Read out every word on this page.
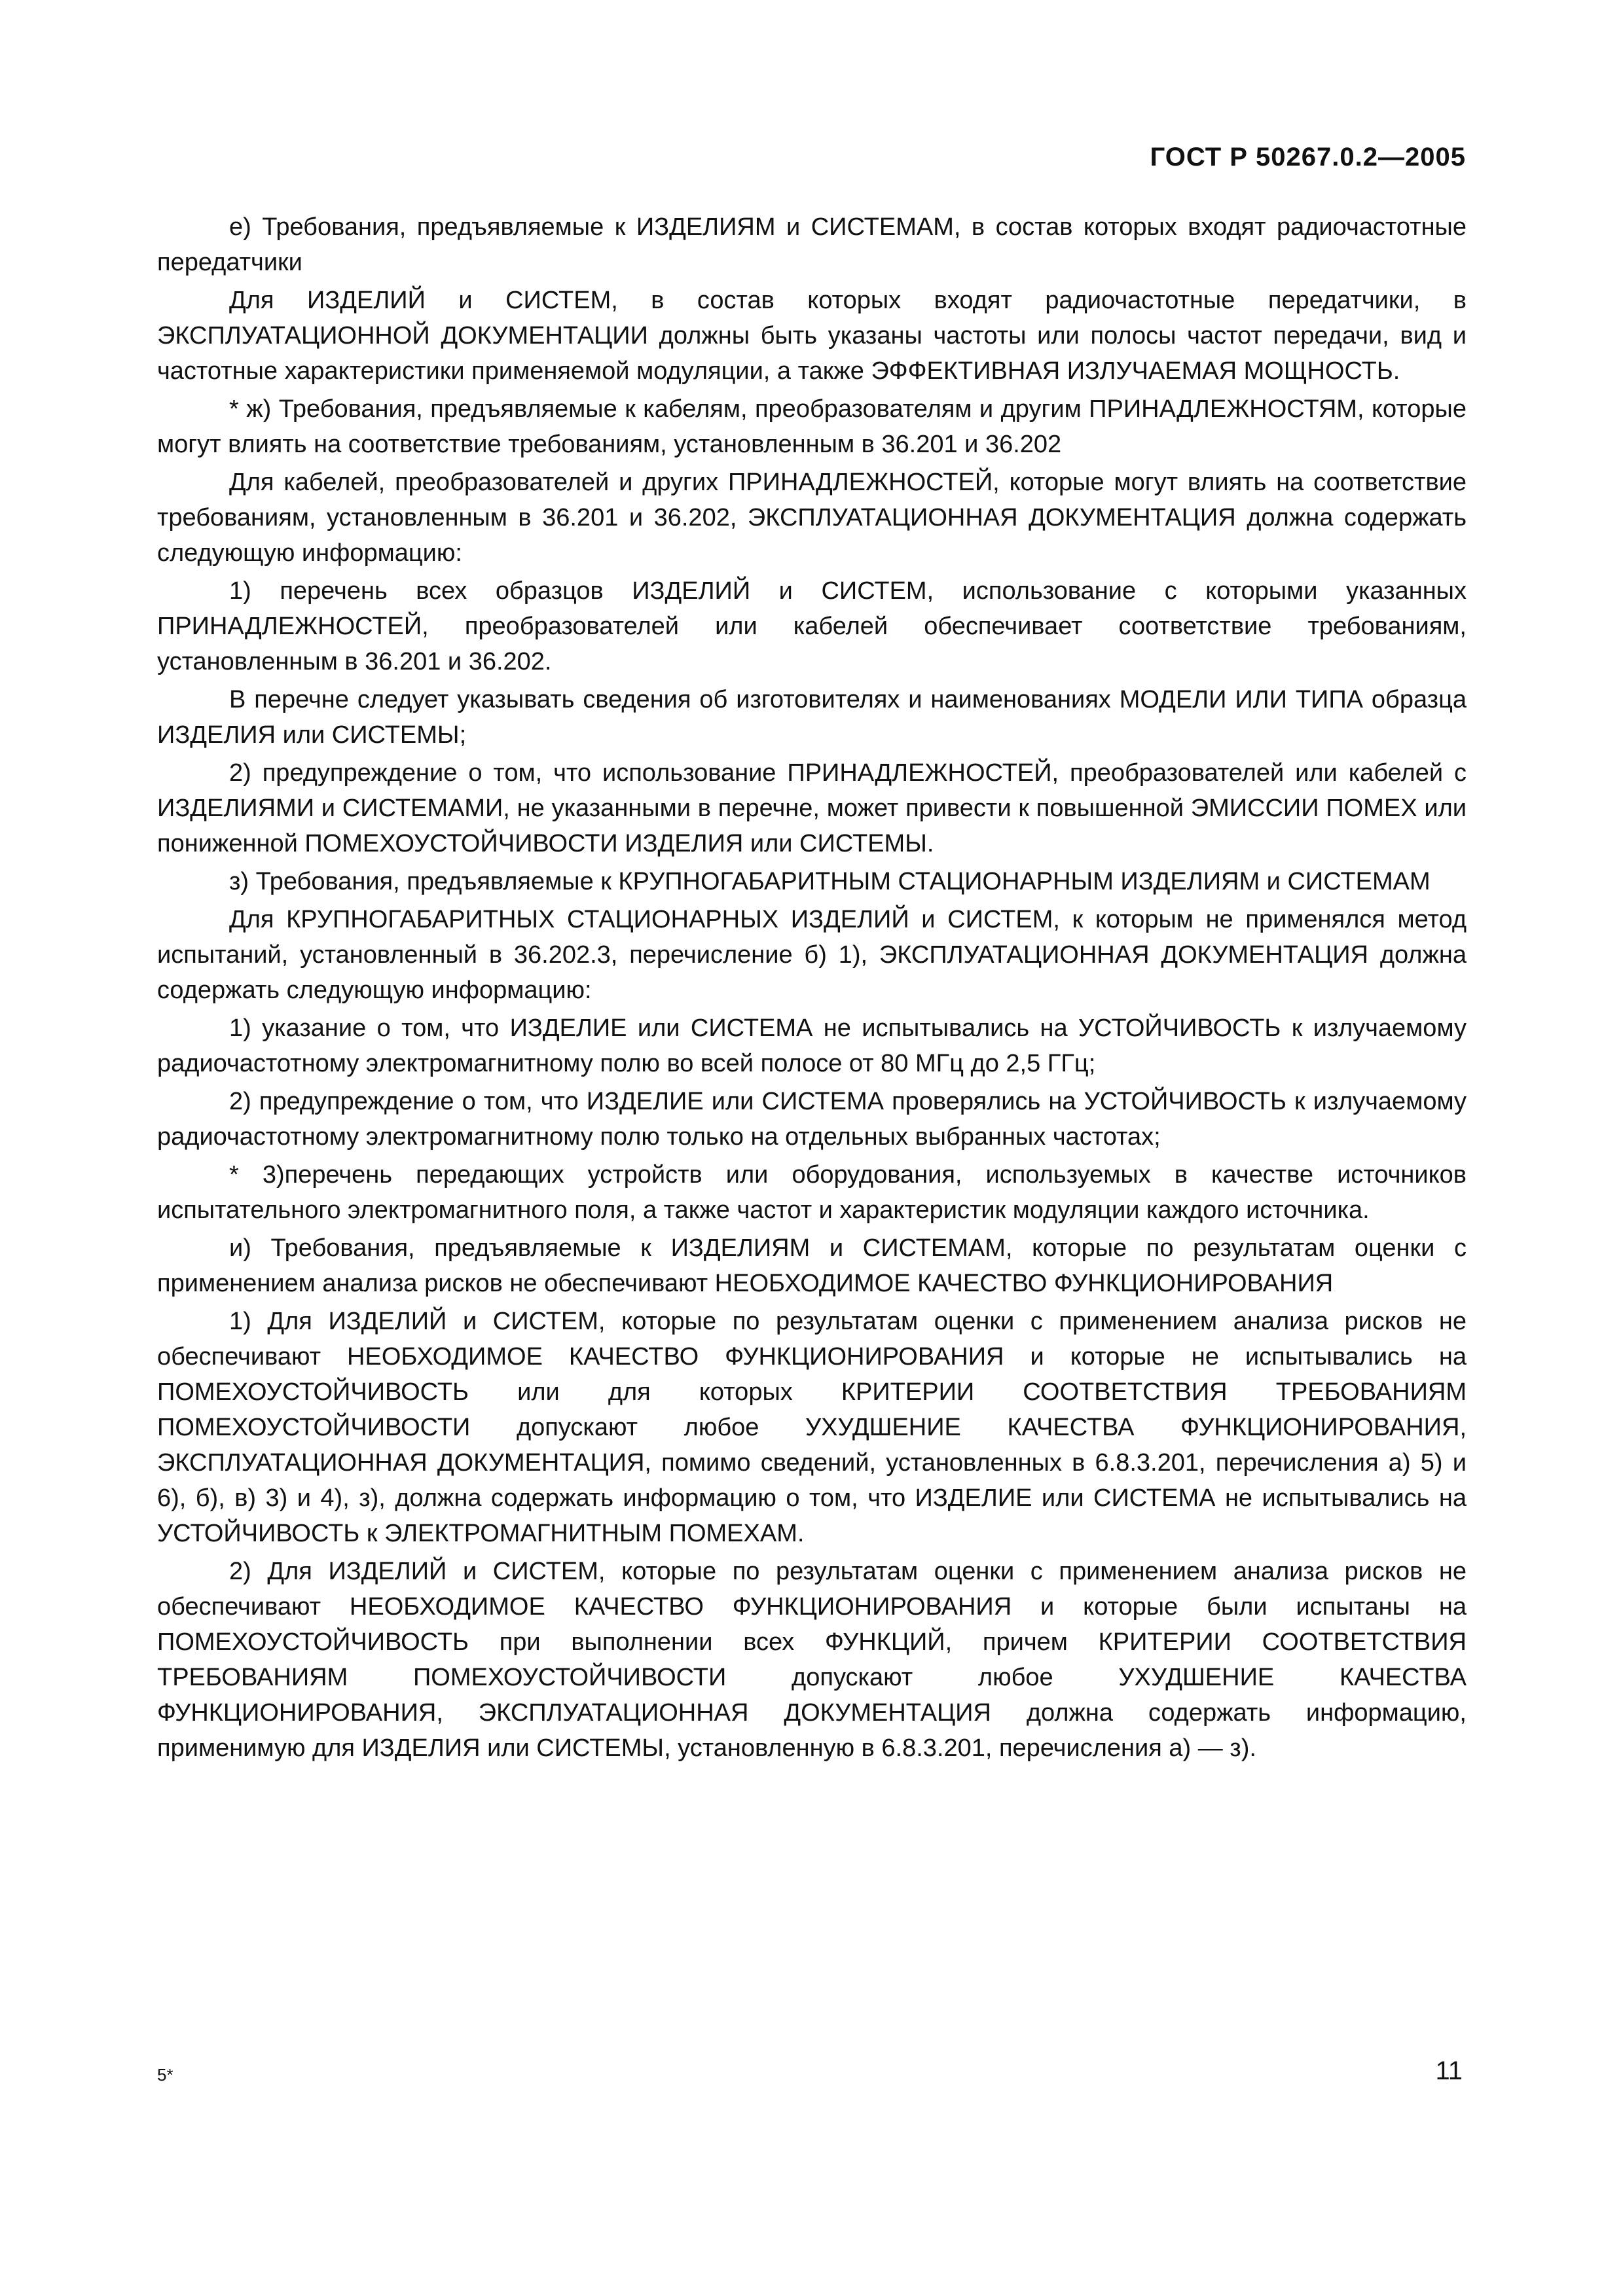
ГОСТ Р 50267.0.2—2005

е) Требования, предъявляемые к ИЗДЕЛИЯМ и СИСТЕМАМ, в состав которых входят радиочастотные передатчики

Для ИЗДЕЛИЙ и СИСТЕМ, в состав которых входят радиочастотные передатчики, в ЭКСПЛУАТАЦИОННОЙ ДОКУМЕНТАЦИИ должны быть указаны частоты или полосы частот передачи, вид и частотные характеристики применяемой модуляции, а также ЭФФЕКТИВНАЯ ИЗЛУЧАЕМАЯ МОЩНОСТЬ.

* ж) Требования, предъявляемые к кабелям, преобразователям и другим ПРИНАДЛЕЖНОСТЯМ, которые могут влиять на соответствие требованиям, установленным в 36.201 и 36.202

Для кабелей, преобразователей и других ПРИНАДЛЕЖНОСТЕЙ, которые могут влиять на соответствие требованиям, установленным в 36.201 и 36.202, ЭКСПЛУАТАЦИОННАЯ ДОКУМЕНТАЦИЯ должна содержать следующую информацию:

1) перечень всех образцов ИЗДЕЛИЙ и СИСТЕМ, использование с которыми указанных ПРИНАДЛЕЖНОСТЕЙ, преобразователей или кабелей обеспечивает соответствие требованиям, установленным в 36.201 и 36.202.

В перечне следует указывать сведения об изготовителях и наименованиях МОДЕЛИ ИЛИ ТИПА образца ИЗДЕЛИЯ или СИСТЕМЫ;

2) предупреждение о том, что использование ПРИНАДЛЕЖНОСТЕЙ, преобразователей или кабелей с ИЗДЕЛИЯМИ и СИСТЕМАМИ, не указанными в перечне, может привести к повышенной ЭМИССИИ ПОМЕХ или пониженной ПОМЕХОУСТОЙЧИВОСТИ ИЗДЕЛИЯ или СИСТЕМЫ.

з) Требования, предъявляемые к КРУПНОГАБАРИТНЫМ СТАЦИОНАРНЫМ ИЗДЕЛИЯМ и СИСТЕМАМ

Для КРУПНОГАБАРИТНЫХ СТАЦИОНАРНЫХ ИЗДЕЛИЙ и СИСТЕМ, к которым не применялся метод испытаний, установленный в 36.202.3, перечисление б) 1), ЭКСПЛУАТАЦИОННАЯ ДОКУМЕНТАЦИЯ должна содержать следующую информацию:

1) указание о том, что ИЗДЕЛИЕ или СИСТЕМА не испытывались на УСТОЙЧИВОСТЬ к излучаемому радиочастотному электромагнитному полю во всей полосе от 80 МГц до 2,5 ГГц;

2) предупреждение о том, что ИЗДЕЛИЕ или СИСТЕМА проверялись на УСТОЙЧИВОСТЬ к излучаемому радиочастотному электромагнитному полю только на отдельных выбранных частотах;

* 3)перечень передающих устройств или оборудования, используемых в качестве источников испытательного электромагнитного поля, а также частот и характеристик модуляции каждого источника.

и) Требования, предъявляемые к ИЗДЕЛИЯМ и СИСТЕМАМ, которые по результатам оценки с применением анализа рисков не обеспечивают НЕОБХОДИМОЕ КАЧЕСТВО ФУНКЦИОНИРОВАНИЯ

1) Для ИЗДЕЛИЙ и СИСТЕМ, которые по результатам оценки с применением анализа рисков не обеспечивают НЕОБХОДИМОЕ КАЧЕСТВО ФУНКЦИОНИРОВАНИЯ и которые не испытывались на ПОМЕХОУСТОЙЧИВОСТЬ или для которых КРИТЕРИИ СООТВЕТСТВИЯ ТРЕБОВАНИЯМ ПОМЕХОУСТОЙЧИВОСТИ допускают любое УХУДШЕНИЕ КАЧЕСТВА ФУНКЦИОНИРОВАНИЯ, ЭКСПЛУАТАЦИОННАЯ ДОКУМЕНТАЦИЯ, помимо сведений, установленных в 6.8.3.201, перечисления а) 5) и 6), б), в) 3) и 4), з), должна содержать информацию о том, что ИЗДЕЛИЕ или СИСТЕМА не испытывались на УСТОЙЧИВОСТЬ к ЭЛЕКТРОМАГНИТНЫМ ПОМЕХАМ.

2) Для ИЗДЕЛИЙ и СИСТЕМ, которые по результатам оценки с применением анализа рисков не обеспечивают НЕОБХОДИМОЕ КАЧЕСТВО ФУНКЦИОНИРОВАНИЯ и которые были испытаны на ПОМЕХОУСТОЙЧИВОСТЬ при выполнении всех ФУНКЦИЙ, причем КРИТЕРИИ СООТВЕТСТВИЯ ТРЕБОВАНИЯМ ПОМЕХОУСТОЙЧИВОСТИ допускают любое УХУДШЕНИЕ КАЧЕСТВА ФУНКЦИОНИРОВАНИЯ, ЭКСПЛУАТАЦИОННАЯ ДОКУМЕНТАЦИЯ должна содержать информацию, применимую для ИЗДЕЛИЯ или СИСТЕМЫ, установленную в 6.8.3.201, перечисления а) — з).

5*	11
